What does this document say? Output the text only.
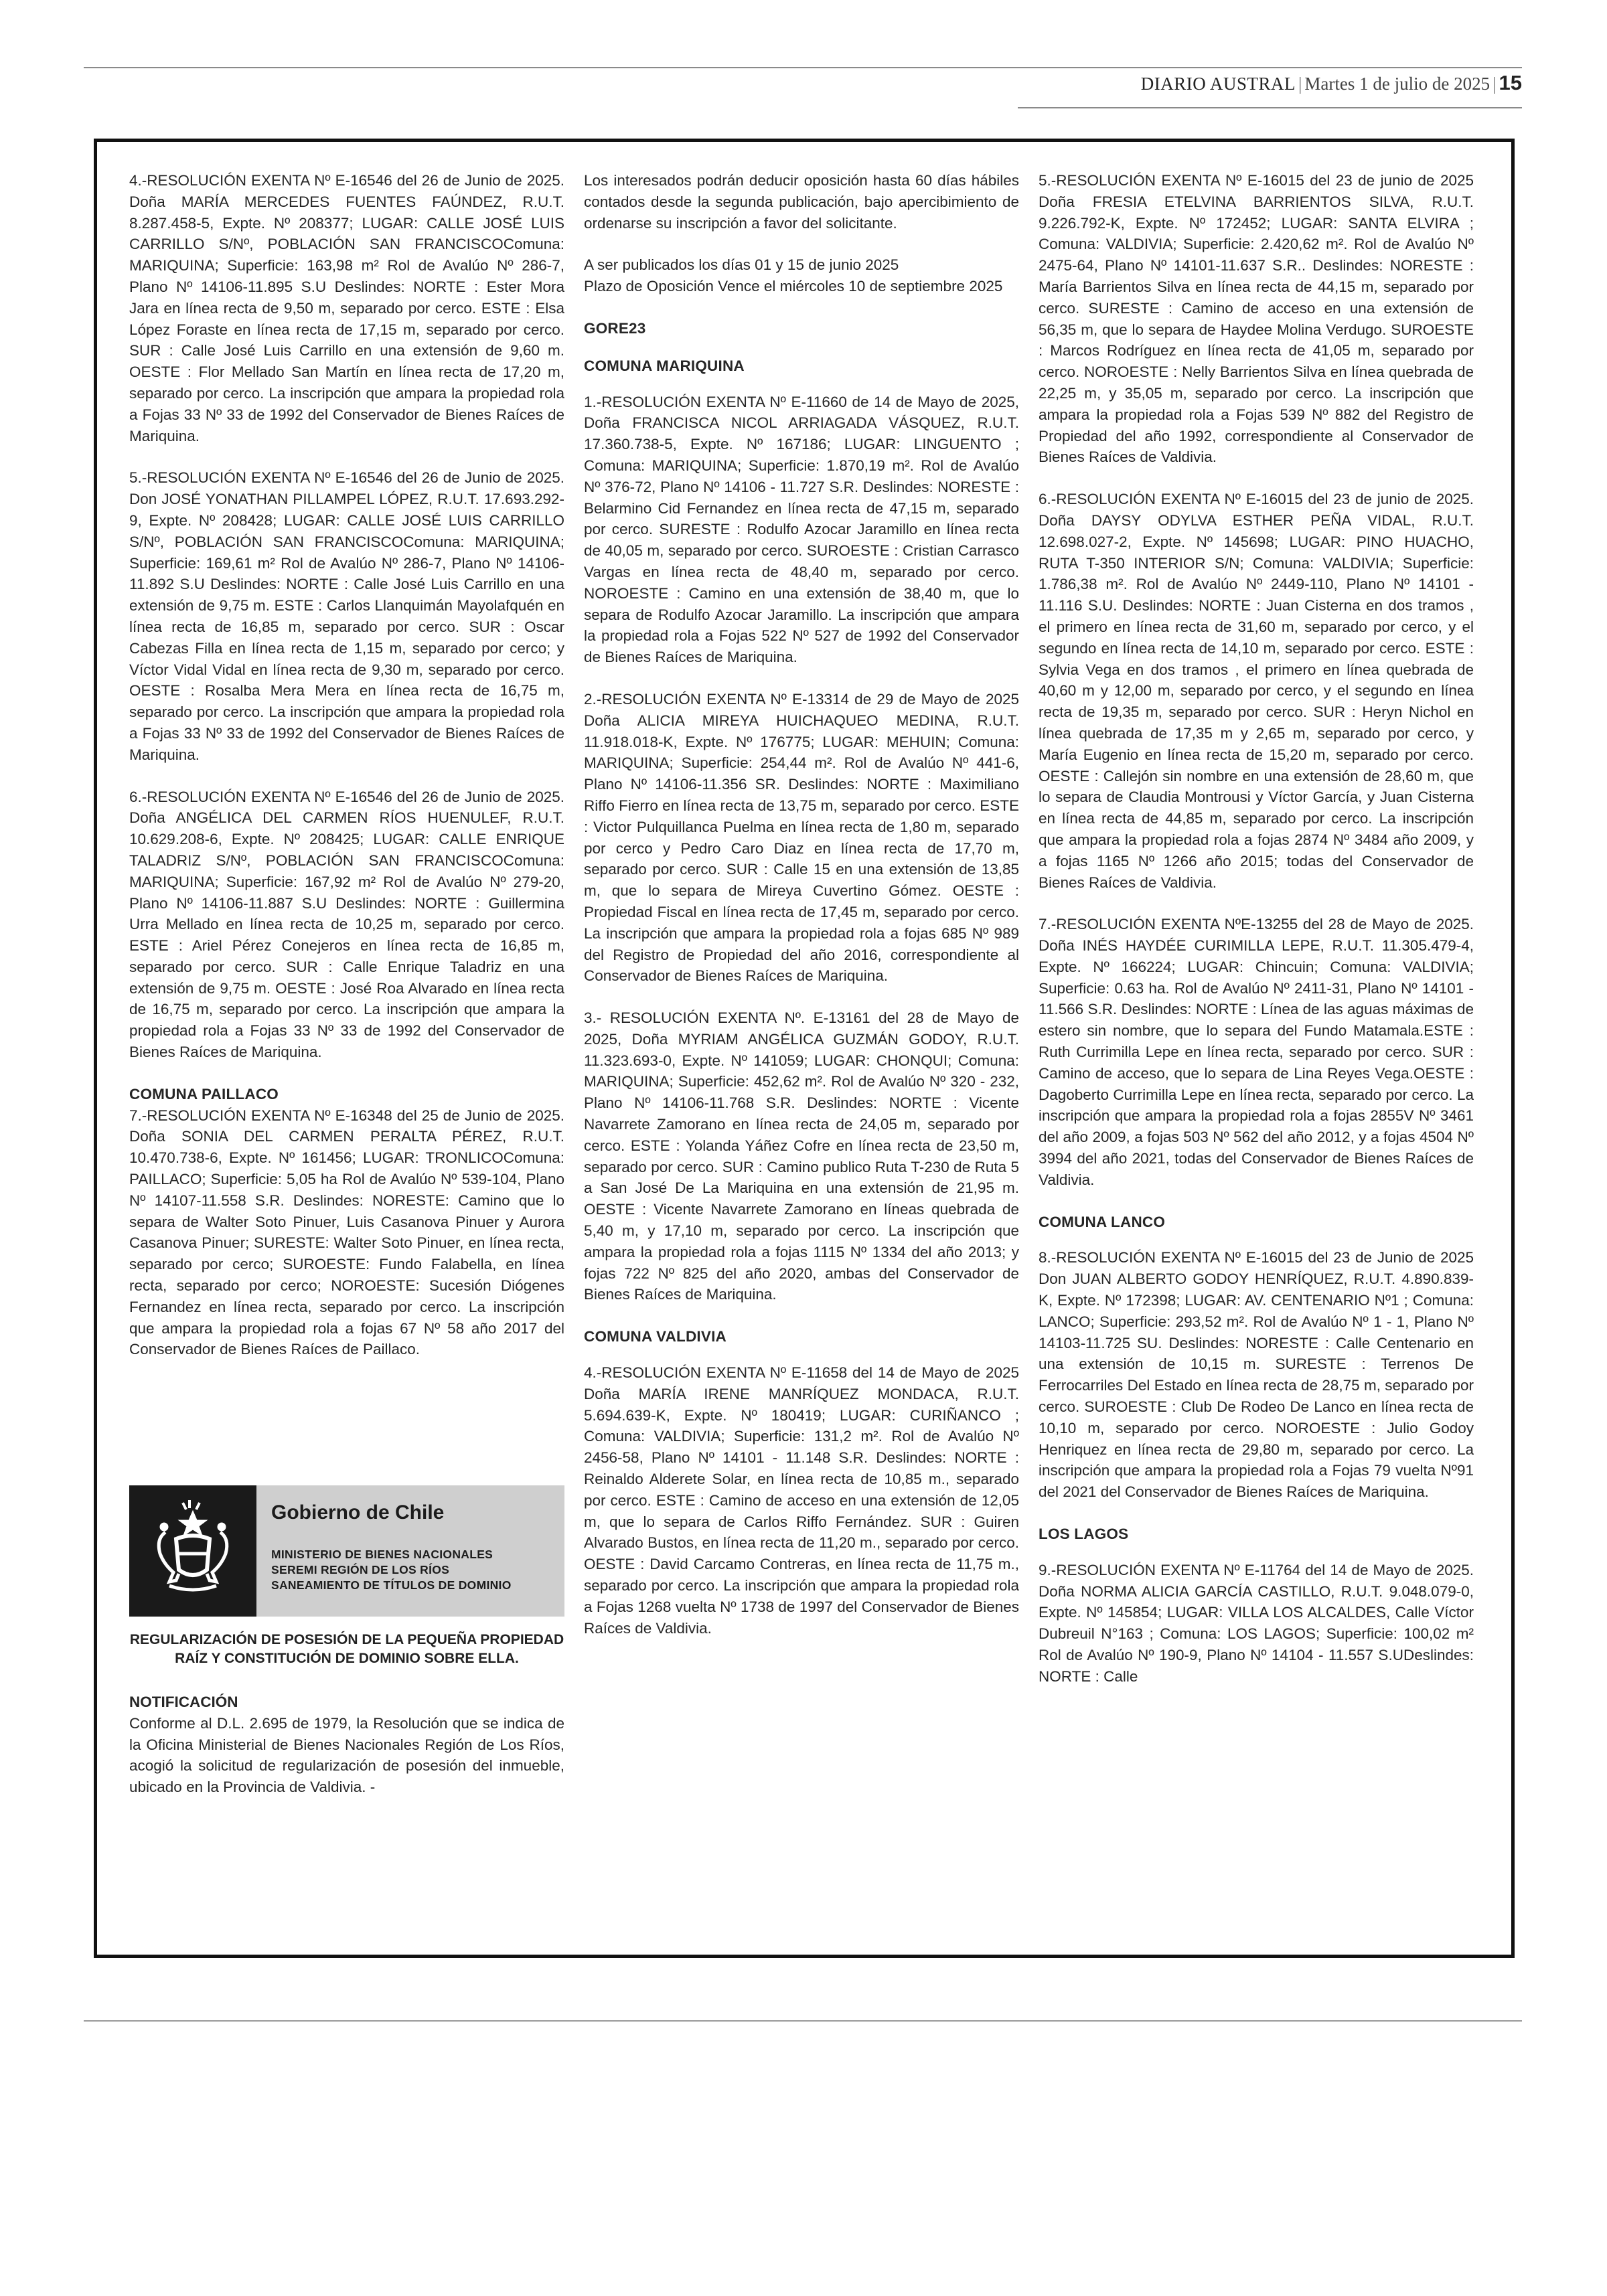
DIARIO AUSTRAL | Martes 1 de julio de 2025 | 15

4.-RESOLUCIÓN EXENTA Nº E-16546 del 26 de Junio de 2025. Doña MARÍA MERCEDES FUENTES FAÚNDEZ, R.U.T. 8.287.458-5, Expte. Nº 208377; LUGAR: CALLE JOSÉ LUIS CARRILLO S/Nº, POBLACIÓN SAN FRANCISCOComuna: MARIQUINA; Superficie: 163,98 m² Rol de Avalúo Nº 286-7, Plano Nº 14106-11.895 S.U Deslindes: NORTE : Ester Mora Jara en línea recta de 9,50 m, separado por cerco. ESTE : Elsa López Foraste en línea recta de 17,15 m, separado por cerco. SUR : Calle José Luis Carrillo en una extensión de 9,60 m. OESTE : Flor Mellado San Martín en línea recta de 17,20 m, separado por cerco. La inscripción que ampara la propiedad rola a Fojas 33 Nº 33 de 1992 del Conservador de Bienes Raíces de Mariquina.

5.-RESOLUCIÓN EXENTA Nº E-16546 del 26 de Junio de 2025. Don JOSÉ YONATHAN PILLAMPEL LÓPEZ, R.U.T. 17.693.292-9, Expte. Nº 208428; LUGAR: CALLE JOSÉ LUIS CARRILLO S/Nº, POBLACIÓN SAN FRANCISCOComuna: MARIQUINA; Superficie: 169,61 m² Rol de Avalúo Nº 286-7, Plano Nº 14106-11.892 S.U Deslindes: NORTE : Calle José Luis Carrillo en una extensión de 9,75 m. ESTE : Carlos Llanquimán Mayolafquén en línea recta de 16,85 m, separado por cerco. SUR : Oscar Cabezas Filla en línea recta de 1,15 m, separado por cerco; y Víctor Vidal Vidal en línea recta de 9,30 m, separado por cerco. OESTE : Rosalba Mera Mera en línea recta de 16,75 m, separado por cerco. La inscripción que ampara la propiedad rola a Fojas 33 Nº 33 de 1992 del Conservador de Bienes Raíces de Mariquina.

6.-RESOLUCIÓN EXENTA Nº E-16546 del 26 de Junio de 2025. Doña ANGÉLICA DEL CARMEN RÍOS HUENULEF, R.U.T. 10.629.208-6, Expte. Nº 208425; LUGAR: CALLE ENRIQUE TALADRIZ S/Nº, POBLACIÓN SAN FRANCISCOComuna: MARIQUINA; Superficie: 167,92 m² Rol de Avalúo Nº 279-20, Plano Nº 14106-11.887 S.U Deslindes: NORTE : Guillermina Urra Mellado en línea recta de 10,25 m, separado por cerco. ESTE : Ariel Pérez Conejeros en línea recta de 16,85 m, separado por cerco. SUR : Calle Enrique Taladriz en una extensión de 9,75 m. OESTE : José Roa Alvarado en línea recta de 16,75 m, separado por cerco. La inscripción que ampara la propiedad rola a Fojas 33 Nº 33 de 1992 del Conservador de Bienes Raíces de Mariquina.

COMUNA PAILLACO

7.-RESOLUCIÓN EXENTA Nº E-16348 del 25 de Junio de 2025. Doña SONIA DEL CARMEN PERALTA PÉREZ, R.U.T. 10.470.738-6, Expte. Nº 161456; LUGAR: TRONLICOComuna: PAILLACO; Superficie: 5,05 ha Rol de Avalúo Nº 539-104, Plano Nº 14107-11.558 S.R. Deslindes: NORESTE: Camino que lo separa de Walter Soto Pinuer, Luis Casanova Pinuer y Aurora Casanova Pinuer; SURESTE: Walter Soto Pinuer, en línea recta, separado por cerco; SUROESTE: Fundo Falabella, en línea recta, separado por cerco; NOROESTE: Sucesión Diógenes Fernandez en línea recta, separado por cerco. La inscripción que ampara la propiedad rola a fojas 67 Nº 58 año 2017 del Conservador de Bienes Raíces de Paillaco.

Gobierno de Chile
MINISTERIO DE BIENES NACIONALES
SEREMI REGIÓN DE LOS RÍOS
SANEAMIENTO DE TÍTULOS DE DOMINIO
REGULARIZACIÓN DE POSESIÓN DE LA PEQUEÑA PROPIEDAD RAÍZ Y CONSTITUCIÓN DE DOMINIO SOBRE ELLA.
NOTIFICACIÓN

Conforme al D.L. 2.695 de 1979, la Resolución que se indica de la Oficina Ministerial de Bienes Nacionales Región de Los Ríos, acogió la solicitud de regularización de posesión del inmueble, ubicado en la Provincia de Valdivia. -

Los interesados podrán deducir oposición hasta 60 días hábiles contados desde la segunda publicación, bajo apercibimiento de ordenarse su inscripción a favor del solicitante.

A ser publicados los días 01 y 15 de junio 2025

Plazo de Oposición Vence el miércoles 10 de septiembre 2025

GORE23
COMUNA MARIQUINA

1.-RESOLUCIÓN EXENTA Nº E-11660 de 14 de Mayo de 2025, Doña FRANCISCA NICOL ARRIAGADA VÁSQUEZ, R.U.T. 17.360.738-5, Expte. Nº 167186; LUGAR: LINGUENTO ; Comuna: MARIQUINA; Superficie: 1.870,19 m². Rol de Avalúo Nº 376-72, Plano Nº 14106 - 11.727 S.R. Deslindes: NORESTE : Belarmino Cid Fernandez en línea recta de 47,15 m, separado por cerco. SURESTE : Rodulfo Azocar Jaramillo en línea recta de 40,05 m, separado por cerco. SUROESTE : Cristian Carrasco Vargas en línea recta de 48,40 m, separado por cerco. NOROESTE : Camino en una extensión de 38,40 m, que lo separa de Rodulfo Azocar Jaramillo. La inscripción que ampara la propiedad rola a Fojas 522 Nº 527 de 1992 del Conservador de Bienes Raíces de Mariquina.

2.-RESOLUCIÓN EXENTA Nº E-13314 de 29 de Mayo de 2025 Doña ALICIA MIREYA HUICHAQUEO MEDINA, R.U.T. 11.918.018-K, Expte. Nº 176775; LUGAR: MEHUIN; Comuna: MARIQUINA; Superficie: 254,44 m². Rol de Avalúo Nº 441-6, Plano Nº 14106-11.356 SR. Deslindes: NORTE : Maximiliano Riffo Fierro en línea recta de 13,75 m, separado por cerco. ESTE : Victor Pulquillanca Puelma en línea recta de 1,80 m, separado por cerco y Pedro Caro Diaz en línea recta de 17,70 m, separado por cerco. SUR : Calle 15 en una extensión de 13,85 m, que lo separa de Mireya Cuvertino Gómez. OESTE : Propiedad Fiscal en línea recta de 17,45 m, separado por cerco. La inscripción que ampara la propiedad rola a fojas 685 Nº 989 del Registro de Propiedad del año 2016, correspondiente al Conservador de Bienes Raíces de Mariquina.

3.- RESOLUCIÓN EXENTA Nº. E-13161 del 28 de Mayo de 2025, Doña MYRIAM ANGÉLICA GUZMÁN GODOY, R.U.T. 11.323.693-0, Expte. Nº 141059; LUGAR: CHONQUI; Comuna: MARIQUINA; Superficie: 452,62 m². Rol de Avalúo Nº 320 - 232, Plano Nº 14106-11.768 S.R. Deslindes: NORTE : Vicente Navarrete Zamorano en línea recta de 24,05 m, separado por cerco. ESTE : Yolanda Yáñez Cofre en línea recta de 23,50 m, separado por cerco. SUR : Camino publico Ruta T-230 de Ruta 5 a San José De La Mariquina en una extensión de 21,95 m. OESTE : Vicente Navarrete Zamorano en líneas quebrada de 5,40 m, y 17,10 m, separado por cerco. La inscripción que ampara la propiedad rola a fojas 1115 Nº 1334 del año 2013; y fojas 722 Nº 825 del año 2020, ambas del Conservador de Bienes Raíces de Mariquina.

COMUNA VALDIVIA

4.-RESOLUCIÓN EXENTA Nº E-11658 del 14 de Mayo de 2025 Doña MARÍA IRENE MANRÍQUEZ MONDACA, R.U.T. 5.694.639-K, Expte. Nº 180419; LUGAR: CURIÑANCO ; Comuna: VALDIVIA; Superficie: 131,2 m². Rol de Avalúo Nº 2456-58, Plano Nº 14101 - 11.148 S.R. Deslindes: NORTE : Reinaldo Alderete Solar, en línea recta de 10,85 m., separado por cerco. ESTE : Camino de acceso en una extensión de 12,05 m, que lo separa de Carlos Riffo Fernández. SUR : Guiren Alvarado Bustos, en línea recta de 11,20 m., separado por cerco. OESTE : David Carcamo Contreras, en línea recta de 11,75 m., separado por cerco. La inscripción que ampara la propiedad rola a Fojas 1268 vuelta Nº 1738 de 1997 del Conservador de Bienes Raíces de Valdivia.

5.-RESOLUCIÓN EXENTA Nº E-16015 del 23 de junio de 2025 Doña FRESIA ETELVINA BARRIENTOS SILVA, R.U.T. 9.226.792-K, Expte. Nº 172452; LUGAR: SANTA ELVIRA ; Comuna: VALDIVIA; Superficie: 2.420,62 m². Rol de Avalúo Nº 2475-64, Plano Nº 14101-11.637 S.R.. Deslindes: NORESTE : María Barrientos Silva en línea recta de 44,15 m, separado por cerco. SURESTE : Camino de acceso en una extensión de 56,35 m, que lo separa de Haydee Molina Verdugo. SUROESTE : Marcos Rodríguez en línea recta de 41,05 m, separado por cerco. NOROESTE : Nelly Barrientos Silva en línea quebrada de 22,25 m, y 35,05 m, separado por cerco. La inscripción que ampara la propiedad rola a Fojas 539 Nº 882 del Registro de Propiedad del año 1992, correspondiente al Conservador de Bienes Raíces de Valdivia.

6.-RESOLUCIÓN EXENTA Nº E-16015 del 23 de junio de 2025. Doña DAYSY ODYLVA ESTHER PEÑA VIDAL, R.U.T. 12.698.027-2, Expte. Nº 145698; LUGAR: PINO HUACHO, RUTA T-350 INTERIOR S/N; Comuna: VALDIVIA; Superficie: 1.786,38 m². Rol de Avalúo Nº 2449-110, Plano Nº 14101 - 11.116 S.U. Deslindes: NORTE : Juan Cisterna en dos tramos , el primero en línea recta de 31,60 m, separado por cerco, y el segundo en línea recta de 14,10 m, separado por cerco. ESTE : Sylvia Vega en dos tramos , el primero en línea quebrada de 40,60 m y 12,00 m, separado por cerco, y el segundo en línea recta de 19,35 m, separado por cerco. SUR : Heryn Nichol en línea quebrada de 17,35 m y 2,65 m, separado por cerco, y María Eugenio en línea recta de 15,20 m, separado por cerco. OESTE : Callejón sin nombre en una extensión de 28,60 m, que lo separa de Claudia Montrousi y Víctor García, y Juan Cisterna en línea recta de 44,85 m, separado por cerco. La inscripción que ampara la propiedad rola a fojas 2874 Nº 3484 año 2009, y a fojas 1165 Nº 1266 año 2015; todas del Conservador de Bienes Raíces de Valdivia.

7.-RESOLUCIÓN EXENTA NºE-13255 del 28 de Mayo de 2025. Doña INÉS HAYDÉE CURIMILLA LEPE, R.U.T. 11.305.479-4, Expte. Nº 166224; LUGAR: Chincuin; Comuna: VALDIVIA; Superficie: 0.63 ha. Rol de Avalúo Nº 2411-31, Plano Nº 14101 - 11.566 S.R. Deslindes: NORTE : Línea de las aguas máximas de estero sin nombre, que lo separa del Fundo Matamala.ESTE : Ruth Currimilla Lepe en línea recta, separado por cerco. SUR : Camino de acceso, que lo separa de Lina Reyes Vega.OESTE : Dagoberto Currimilla Lepe en línea recta, separado por cerco. La inscripción que ampara la propiedad rola a fojas 2855V Nº 3461 del año 2009, a fojas 503 Nº 562 del año 2012, y a fojas 4504 Nº 3994 del año 2021, todas del Conservador de Bienes Raíces de Valdivia.

COMUNA LANCO

8.-RESOLUCIÓN EXENTA Nº E-16015 del 23 de Junio de 2025 Don JUAN ALBERTO GODOY HENRÍQUEZ, R.U.T. 4.890.839-K, Expte. Nº 172398; LUGAR: AV. CENTENARIO Nº1 ; Comuna: LANCO; Superficie: 293,52 m². Rol de Avalúo Nº 1 - 1, Plano Nº 14103-11.725 SU. Deslindes: NORESTE : Calle Centenario en una extensión de 10,15 m. SURESTE : Terrenos De Ferrocarriles Del Estado en línea recta de 28,75 m, separado por cerco. SUROESTE : Club De Rodeo De Lanco en línea recta de 10,10 m, separado por cerco. NOROESTE : Julio Godoy Henriquez en línea recta de 29,80 m, separado por cerco. La inscripción que ampara la propiedad rola a Fojas 79 vuelta Nº91 del 2021 del Conservador de Bienes Raíces de Mariquina.

LOS LAGOS

9.-RESOLUCIÓN EXENTA Nº E-11764 del 14 de Mayo de 2025. Doña NORMA ALICIA GARCÍA CASTILLO, R.U.T. 9.048.079-0, Expte. Nº 145854; LUGAR: VILLA LOS ALCALDES, Calle Víctor Dubreuil N°163 ; Comuna: LOS LAGOS; Superficie: 100,02 m² Rol de Avalúo Nº 190-9, Plano Nº 14104 - 11.557 S.UDeslindes: NORTE : Calle
